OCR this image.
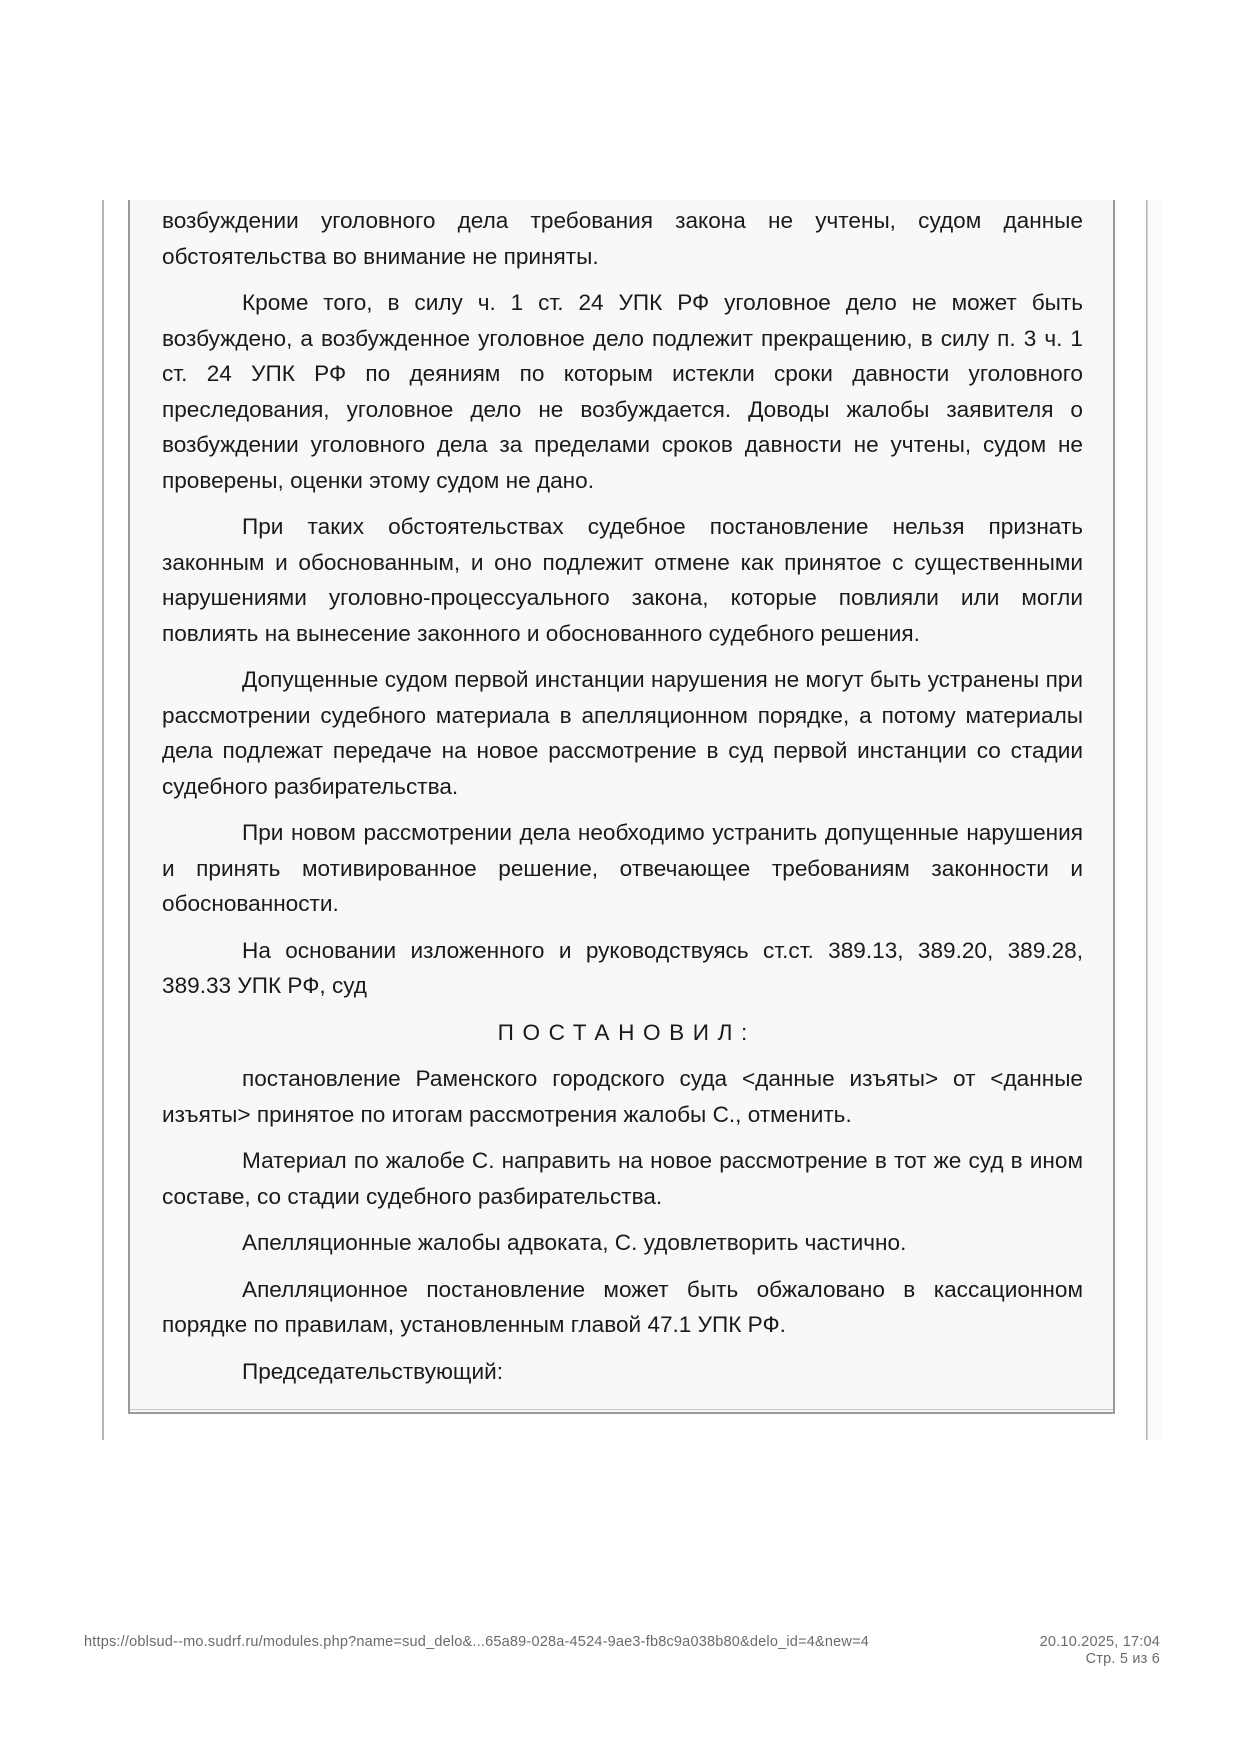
возбуждении уголовного дела требования закона не учтены, судом данные обстоятельства во внимание не приняты.

Кроме того, в силу ч. 1 ст. 24 УПК РФ уголовное дело не может быть возбуждено, а возбужденное уголовное дело подлежит прекращению, в силу п. 3 ч. 1 ст. 24 УПК РФ по деяниям по которым истекли сроки давности уголовного преследования, уголовное дело не возбуждается. Доводы жалобы заявителя о возбуждении уголовного дела за пределами сроков давности не учтены, судом не проверены, оценки этому судом не дано.

При таких обстоятельствах судебное постановление нельзя признать законным и обоснованным, и оно подлежит отмене как принятое с существенными нарушениями уголовно-процессуального закона, которые повлияли или могли повлиять на вынесение законного и обоснованного судебного решения.

Допущенные судом первой инстанции нарушения не могут быть устранены при рассмотрении судебного материала в апелляционном порядке, а потому материалы дела подлежат передаче на новое рассмотрение в суд первой инстанции со стадии судебного разбирательства.

При новом рассмотрении дела необходимо устранить допущенные нарушения и принять мотивированное решение, отвечающее требованиям законности и обоснованности.

На основании изложенного и руководствуясь ст.ст. 389.13, 389.20, 389.28, 389.33 УПК РФ, суд

ПОСТАНОВИЛ:

постановление Раменского городского суда <данные изъяты> от <данные изъяты> принятое по итогам рассмотрения жалобы С., отменить.

Материал по жалобе С. направить на новое рассмотрение в тот же суд в ином составе, со стадии судебного разбирательства.

Апелляционные жалобы адвоката, С. удовлетворить частично.

Апелляционное постановление может быть обжаловано в кассационном порядке по правилам, установленным главой 47.1 УПК РФ.

Председательствующий:

https://oblsud--mo.sudrf.ru/modules.php?name=sud_delo&...65a89-028a-4524-9ae3-fb8c9a038b80&delo_id=4&new=4	20.10.2025, 17:04
Стр. 5 из 6
